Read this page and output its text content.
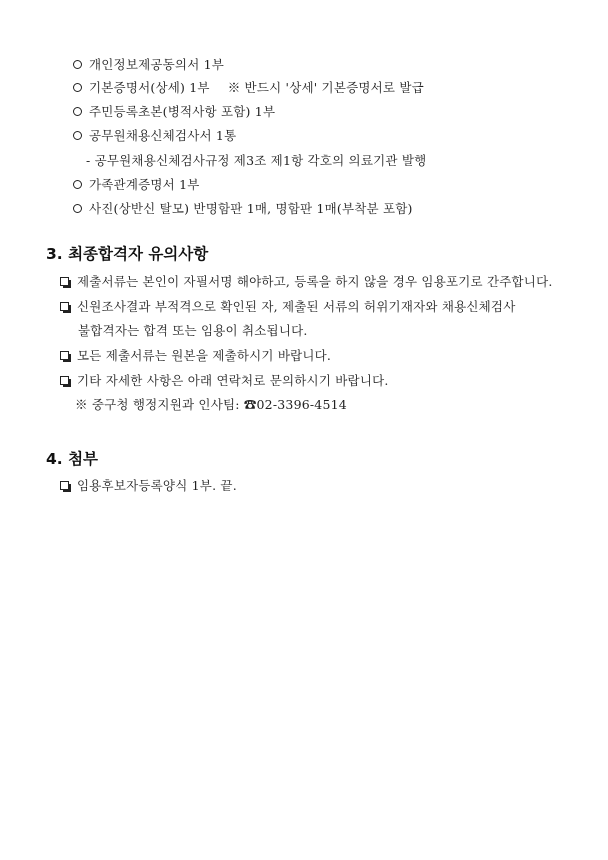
개인정보제공동의서 1부
기본증명서(상세) 1부 ※ 반드시 '상세' 기본증명서로 발급
주민등록초본(병적사항 포함) 1부
공무원채용신체검사서 1통
- 공무원채용신체검사규정 제3조 제1항 각호의 의료기관 발행
가족관계증명서 1부
사진(상반신 탈모) 반명함판 1매, 명함판 1매(부착분 포함)
3. 최종합격자 유의사항
제출서류는 본인이 자필서명 해야하고, 등록을 하지 않을 경우 임용포기로 간주합니다.
신원조사결과 부적격으로 확인된 자, 제출된 서류의 허위기재자와 채용신체검사
불합격자는 합격 또는 임용이 취소됩니다.
모든 제출서류는 원본을 제출하시기 바랍니다.
기타 자세한 사항은 아래 연락처로 문의하시기 바랍니다.
※ 중구청 행정지원과 인사팀: ☎02-3396-4514
4. 첨부
임용후보자등록양식 1부. 끝.
